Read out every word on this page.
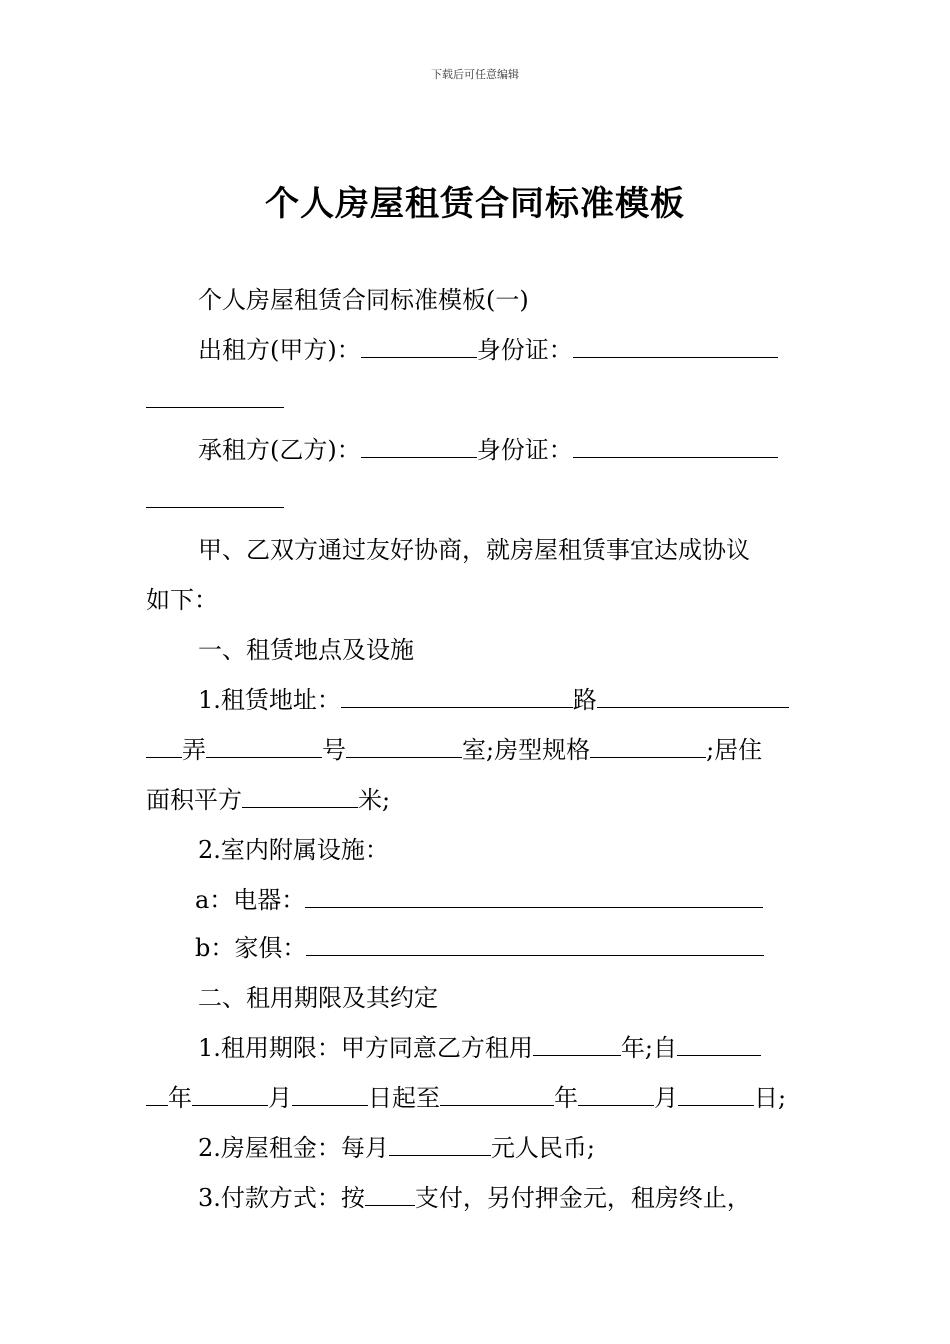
下载后可任意编辑
个人房屋租赁合同标准模板
个人房屋租赁合同标准模板(一)
出租方(甲方)：	身份证：
承租方(乙方)：	身份证：
甲、乙双方通过友好协商，就房屋租赁事宜达成协议
如下：
一、租赁地点及设施
1.租赁地址：	路
弄	号	室;房型规格	;居住
面积平方	米;
2.室内附属设施：
a：电器：
b：家俱：
二、租用期限及其约定
1.租用期限：甲方同意乙方租用	年;自
年	月	日起至	年	月	日;
2.房屋租金：每月	元人民币;
3.付款方式：按 支付，另付押金元，租房终止，
